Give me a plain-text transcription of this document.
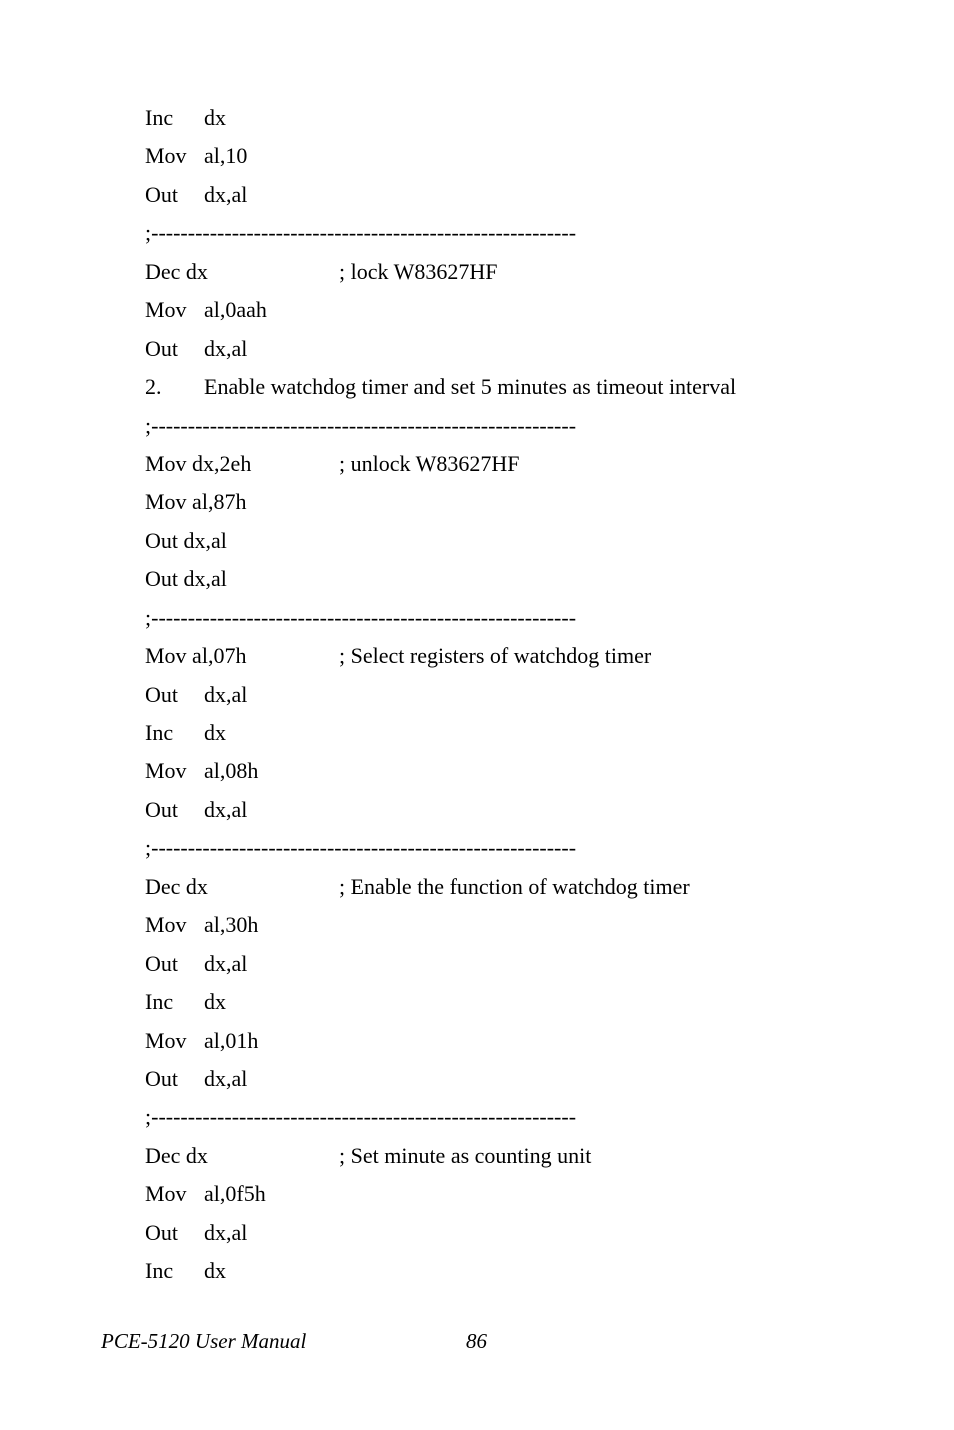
Inc dx
Mov al,10
Out dx,al
;----------------------------------------------------------
Dec dx	; lock W83627HF
Mov al,0aah
Out dx,al
2. Enable watchdog timer and set 5 minutes as timeout interval
;----------------------------------------------------------
Mov dx,2eh	; unlock W83627HF
Mov al,87h
Out dx,al
Out dx,al
;----------------------------------------------------------
Mov al,07h	; Select registers of watchdog timer
Out dx,al
Inc dx
Mov al,08h
Out dx,al
;----------------------------------------------------------
Dec dx	; Enable the function of watchdog timer
Mov al,30h
Out dx,al
Inc dx
Mov al,01h
Out dx,al
;----------------------------------------------------------
Dec dx	; Set minute as counting unit
Mov al,0f5h
Out dx,al
Inc dx
PCE-5120 User Manual	86
